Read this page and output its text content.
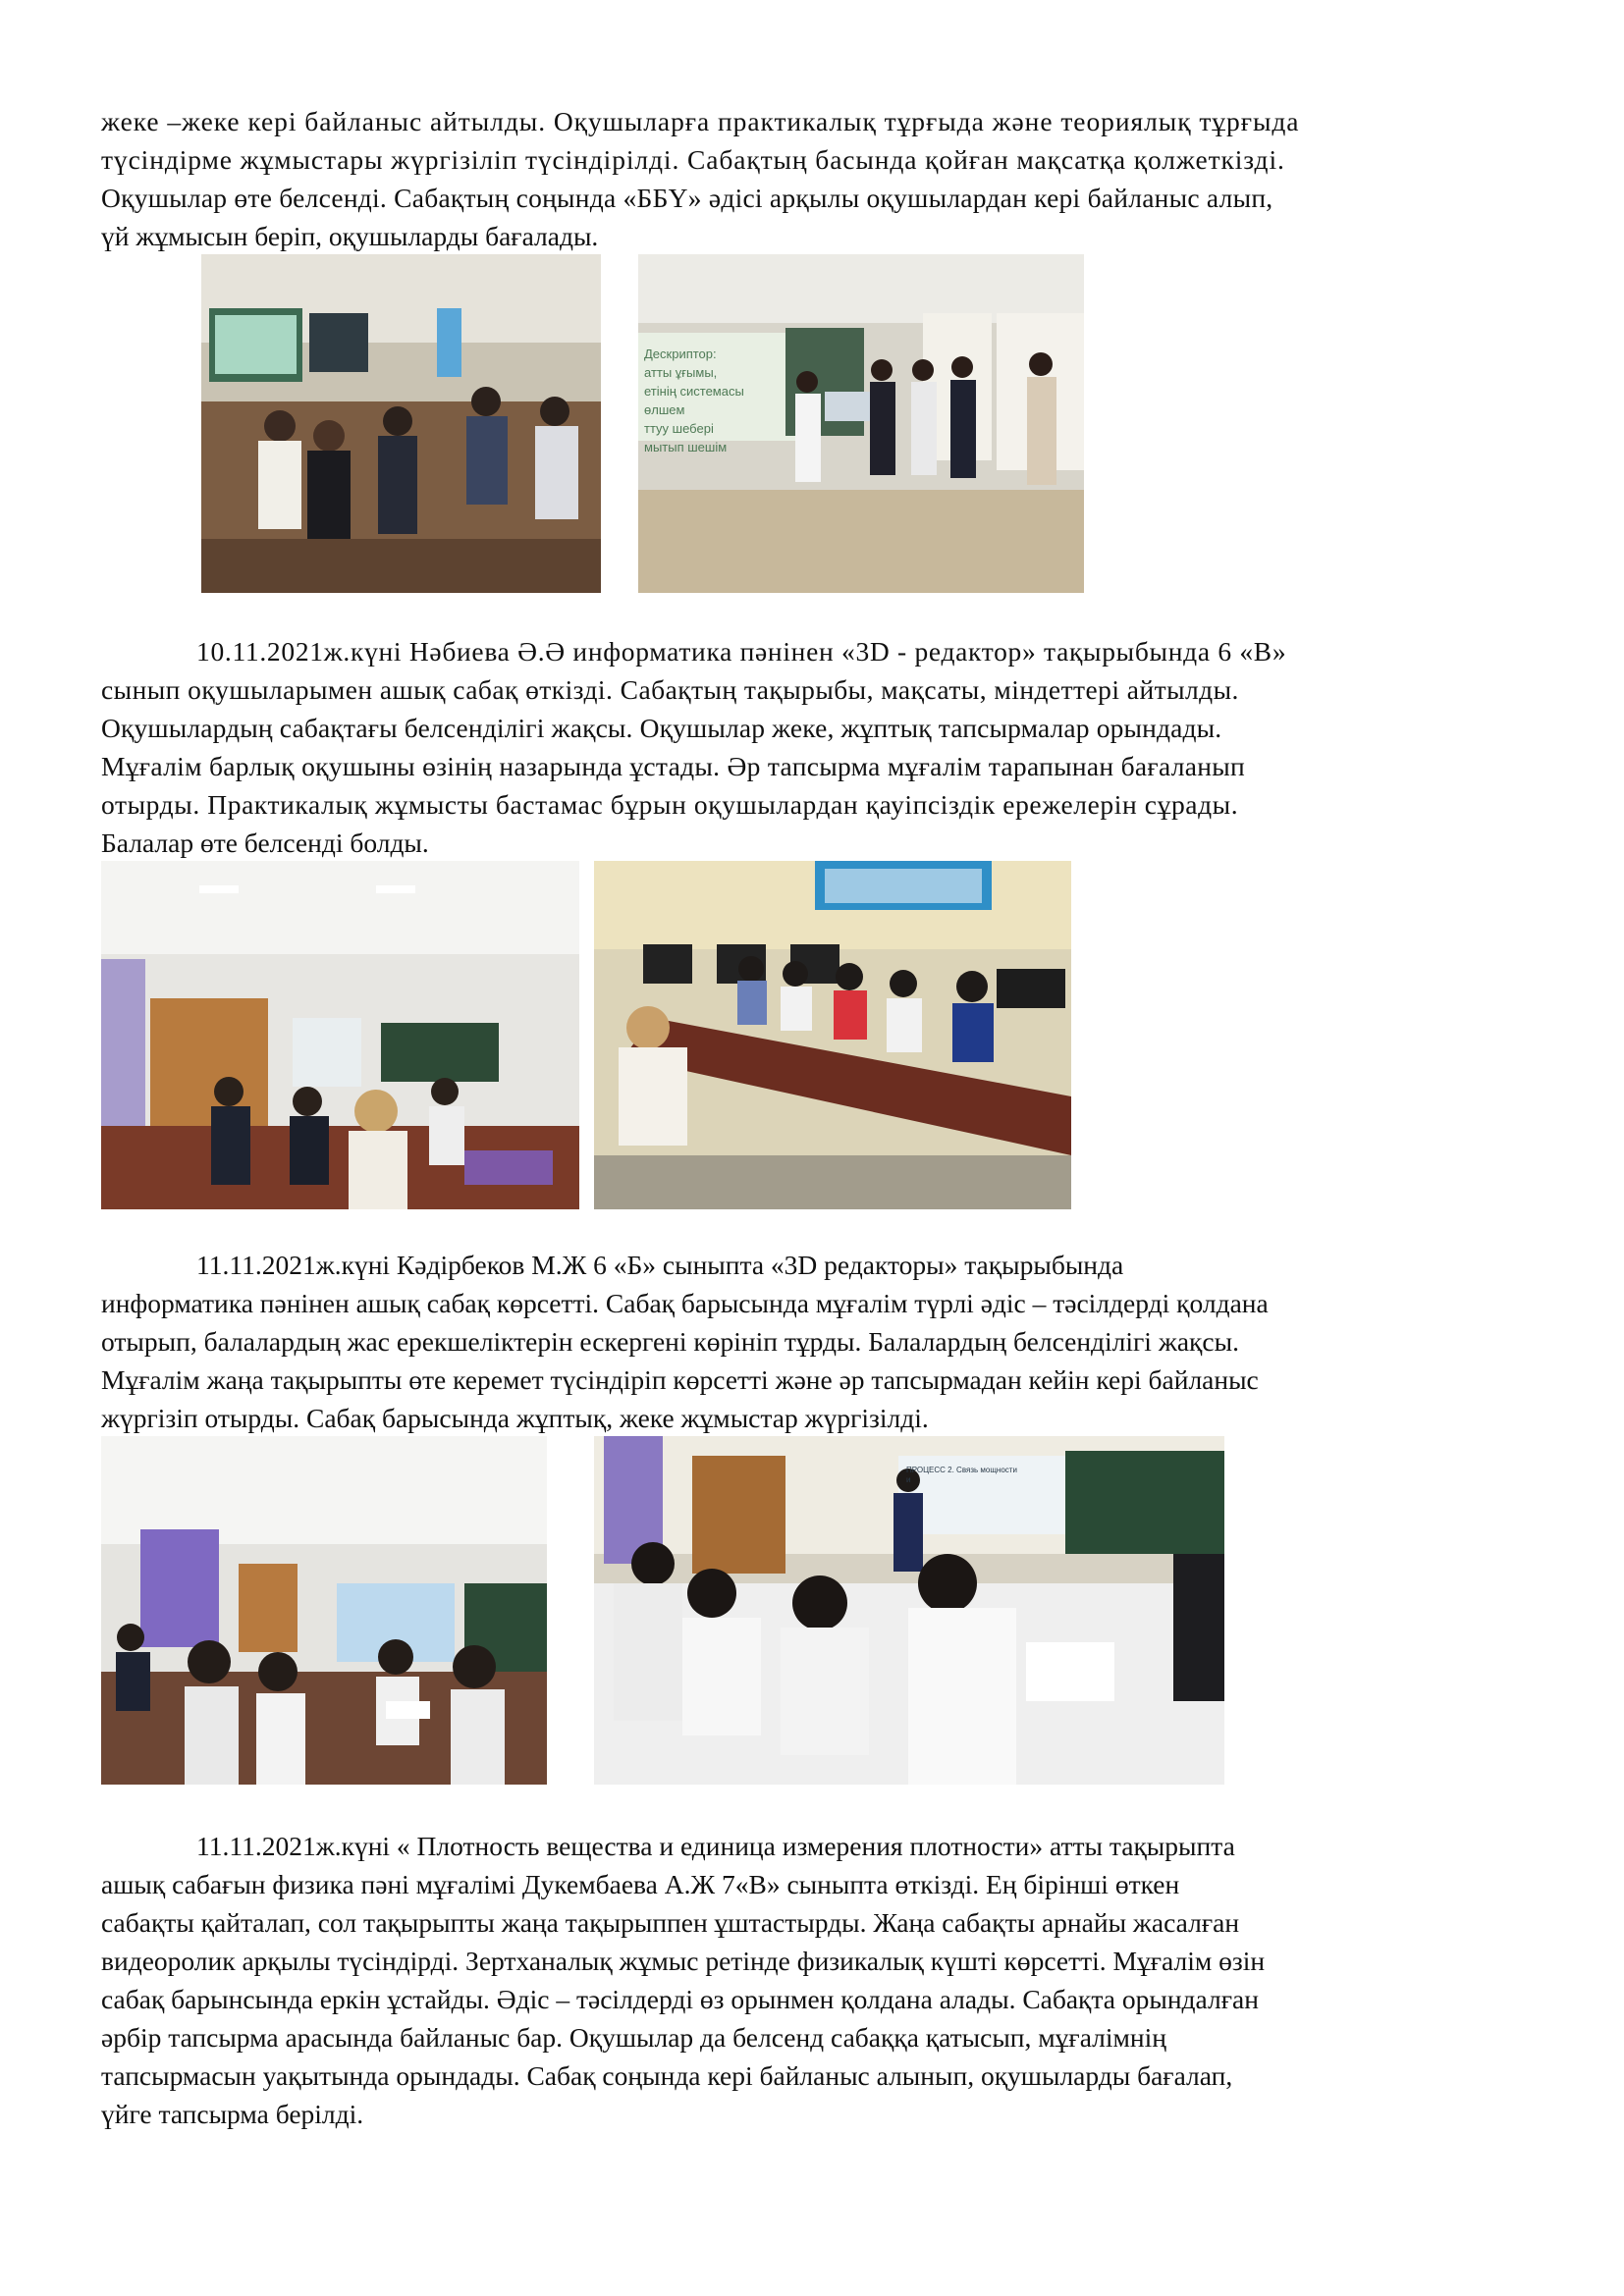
жеке –жеке кері байланыс айтылды. Оқушыларға практикалық тұрғыда және теориялық тұрғыда
түсіндірме жұмыстары жүргізіліп түсіндірілді. Сабақтың басында қойған мақсатқа қолжеткізді.
Оқушылар өте белсенді. Сабақтың соңында «ББҮ» әдісі арқылы оқушылардан кері байланыс алып,
үй жұмысын беріп, оқушыларды бағалады.
Дескриптор:
атты ұғымы,
етінің системасы
өлшем
ттуу шебері
мытып шешім
10.11.2021ж.күні Нәбиева Ә.Ә информатика пәнінен «3D - редактор» тақырыбында 6 «В»
сынып оқушыларымен ашық сабақ өткізді. Сабақтың тақырыбы, мақсаты, міндеттері айтылды.
Оқушылардың сабақтағы белсенділігі жақсы. Оқушылар жеке, жұптық тапсырмалар орындады.
Мұғалім барлық оқушыны өзінің назарында ұстады. Әр тапсырма мұғалім тарапынан бағаланып
отырды. Практикалық жұмысты бастамас бұрын оқушылардан қауіпсіздік ережелерін сұрады.
Балалар өте белсенді болды.
11.11.2021ж.күні Кәдірбеков М.Ж 6 «Б» сыныпта «3D редакторы» тақырыбында
информатика пәнінен ашық сабақ көрсетті. Сабақ барысында мұғалім түрлі әдіс – тәсілдерді қолдана
отырып, балалардың жас ерекшеліктерін ескергені көрініп тұрды. Балалардың белсенділігі жақсы.
Мұғалім жаңа тақырыпты өте керемет түсіндіріп көрсетті және әр тапсырмадан кейін кері байланыс
жүргізіп отырды. Сабақ барысында жұптық, жеке жұмыстар жүргізілді.
ПРОЦЕСС 2. Связь мощности
и
11.11.2021ж.күні « Плотность вещества и единица измерения плотности» атты тақырыпта
ашық сабағын физика пәні мұғалімі Дукембаева А.Ж 7«В» сыныпта өткізді. Ең бірінші өткен
сабақты қайталап, сол тақырыпты жаңа тақырыппен ұштастырды. Жаңа сабақты арнайы жасалған
видеоролик арқылы түсіндірді. Зертханалық жұмыс ретінде физикалық күшті көрсетті. Мұғалім өзін
сабақ барынсында еркін ұстайды. Әдіс – тәсілдерді өз орынмен қолдана алады. Сабақта орындалған
әрбір тапсырма арасында байланыс бар. Оқушылар да белсенд сабаққа қатысып, мұғалімнің
тапсырмасын уақытында орындады. Сабақ соңында кері байланыс алынып, оқушыларды бағалап,
үйге тапсырма берілді.
